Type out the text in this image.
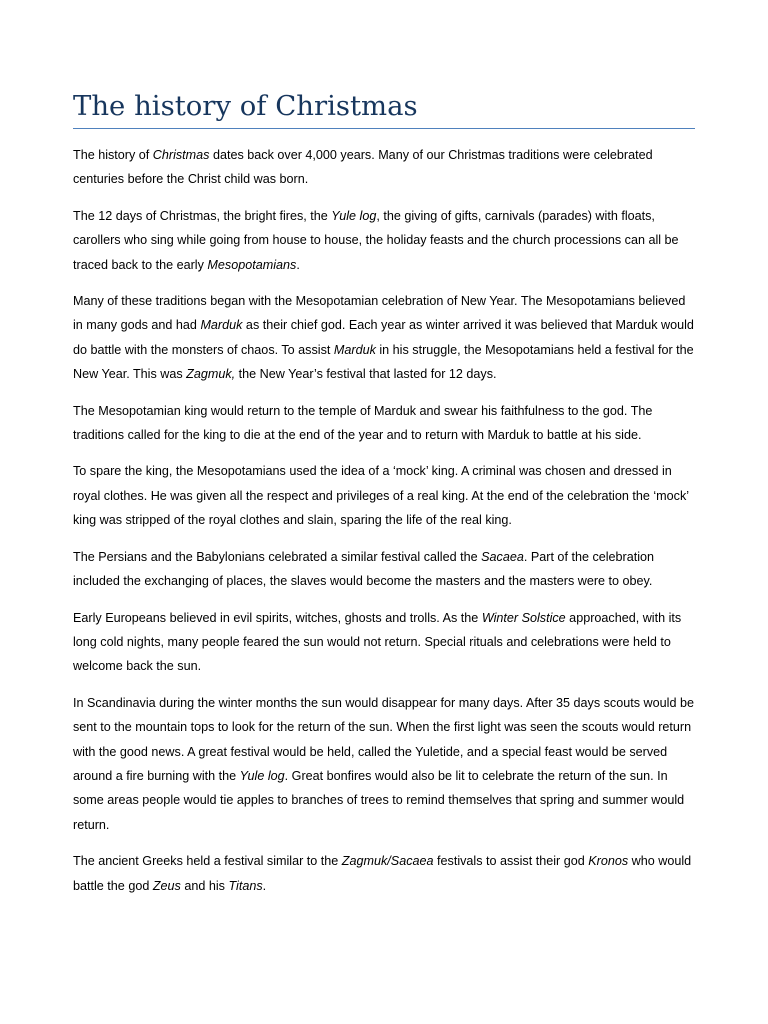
The history of Christmas

The history of Christmas dates back over 4,000 years. Many of our Christmas traditions were celebrated centuries before the Christ child was born.

The 12 days of Christmas, the bright fires, the Yule log, the giving of gifts, carnivals (parades) with floats, carollers who sing while going from house to house, the holiday feasts and the church processions can all be traced back to the early Mesopotamians.

Many of these traditions began with the Mesopotamian celebration of New Year. The Mesopotamians believed in many gods and had Marduk as their chief god. Each year as winter arrived it was believed that Marduk would do battle with the monsters of chaos. To assist Marduk in his struggle, the Mesopotamians held a festival for the New Year. This was Zagmuk, the New Year’s festival that lasted for 12 days.

The Mesopotamian king would return to the temple of Marduk and swear his faithfulness to the god. The traditions called for the king to die at the end of the year and to return with Marduk to battle at his side.

To spare the king, the Mesopotamians used the idea of a ‘mock’ king. A criminal was chosen and dressed in royal clothes. He was given all the respect and privileges of a real king. At the end of the celebration the ‘mock’ king was stripped of the royal clothes and slain, sparing the life of the real king.

The Persians and the Babylonians celebrated a similar festival called the Sacaea. Part of the celebration included the exchanging of places, the slaves would become the masters and the masters were to obey.

Early Europeans believed in evil spirits, witches, ghosts and trolls. As the Winter Solstice approached, with its long cold nights, many people feared the sun would not return. Special rituals and celebrations were held to welcome back the sun.

In Scandinavia during the winter months the sun would disappear for many days. After 35 days scouts would be sent to the mountain tops to look for the return of the sun. When the first light was seen the scouts would return with the good news. A great festival would be held, called the Yuletide, and a special feast would be served around a fire burning with the Yule log. Great bonfires would also be lit to celebrate the return of the sun. In some areas people would tie apples to branches of trees to remind themselves that spring and summer would return.

The ancient Greeks held a festival similar to the Zagmuk/Sacaea festivals to assist their god Kronos who would battle the god Zeus and his Titans.
